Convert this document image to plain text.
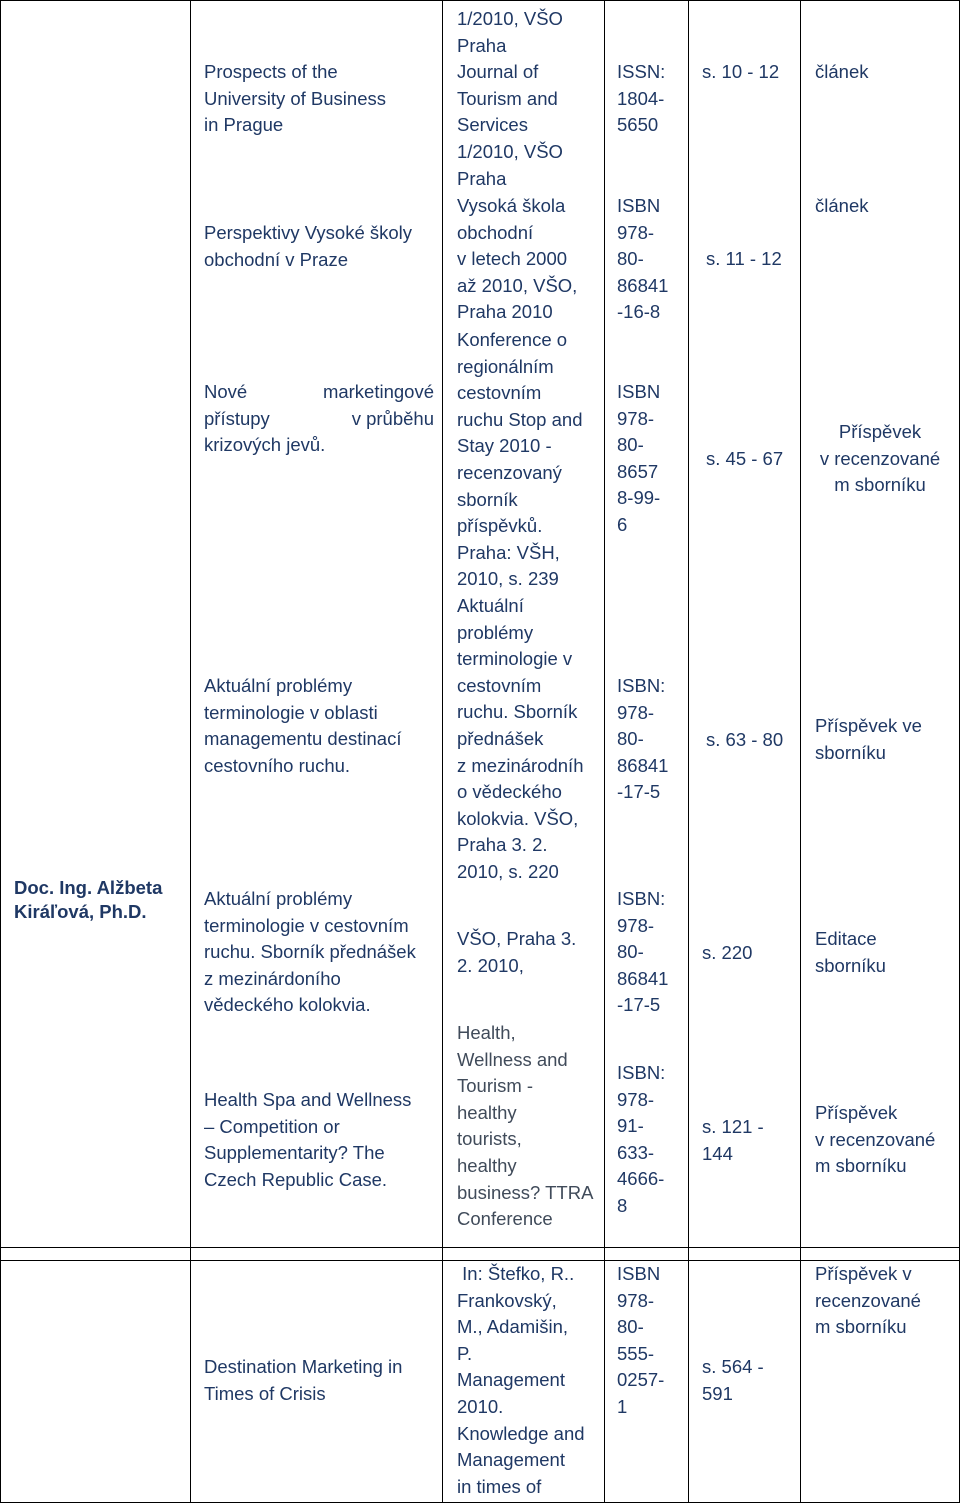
Doc. Ing. Alžbeta
Kiráľová, Ph.D.
Prospects of the
University of Business
in Prague
1/2010, VŠO
Praha
Journal of
Tourism and
Services
1/2010, VŠO
Praha
ISSN:
1804-
5650
s. 10 - 12 článek
Perspektivy Vysoké školy
obchodní v Praze
Vysoká škola
obchodní
v letech 2000
až 2010, VŠO,
Praha 2010
ISBN
978-
80-
86841
-16-8
s. 11 - 12
článek
Nové	marketingové
přístupy	v průběhu
krizových jevů.
Konference o
regionálním
cestovním
ruchu Stop and
Stay 2010 -
recenzovaný
sborník
příspěvků.
Praha: VŠH,
2010, s. 239
ISBN
978-
80-
8657
8-99-
6
s. 45 - 67
Příspěvek
v recenzované
m sborníku
Aktuální problémy
terminologie v oblasti
managementu destinací
cestovního ruchu.
Aktuální
problémy
terminologie v
cestovním
ruchu. Sborník
přednášek
z mezinárodníh
o vědeckého
kolokvia. VŠO,
Praha 3. 2.
2010, s. 220
ISBN:
978-
80-
86841
-17-5
s. 63 - 80
Příspěvek ve
sborníku
Aktuální problémy
terminologie v cestovním
ruchu. Sborník přednášek
z mezinárdoního
vědeckého kolokvia.
VŠO, Praha 3.
2. 2010,
ISBN:
978-
80-
86841
-17-5
s. 220
Editace
sborníku
Health Spa and Wellness
– Competition or
Supplementarity? The
Czech Republic Case.
Health,
Wellness and
Tourism -
healthy
tourists,
healthy
business? TTRA
Conference
ISBN:
978-
91-
633-
4666-
8
s. 121 -
144
Příspěvek
v recenzované
m sborníku
Destination Marketing in
Times of Crisis
In: Štefko, R..
Frankovský,
M., Adamišin,
P.
Management
2010.
Knowledge and
Management
in times of
ISBN
978-
80-
555-
0257-
1
s. 564 -
591
Příspěvek v
recenzované
m sborníku
